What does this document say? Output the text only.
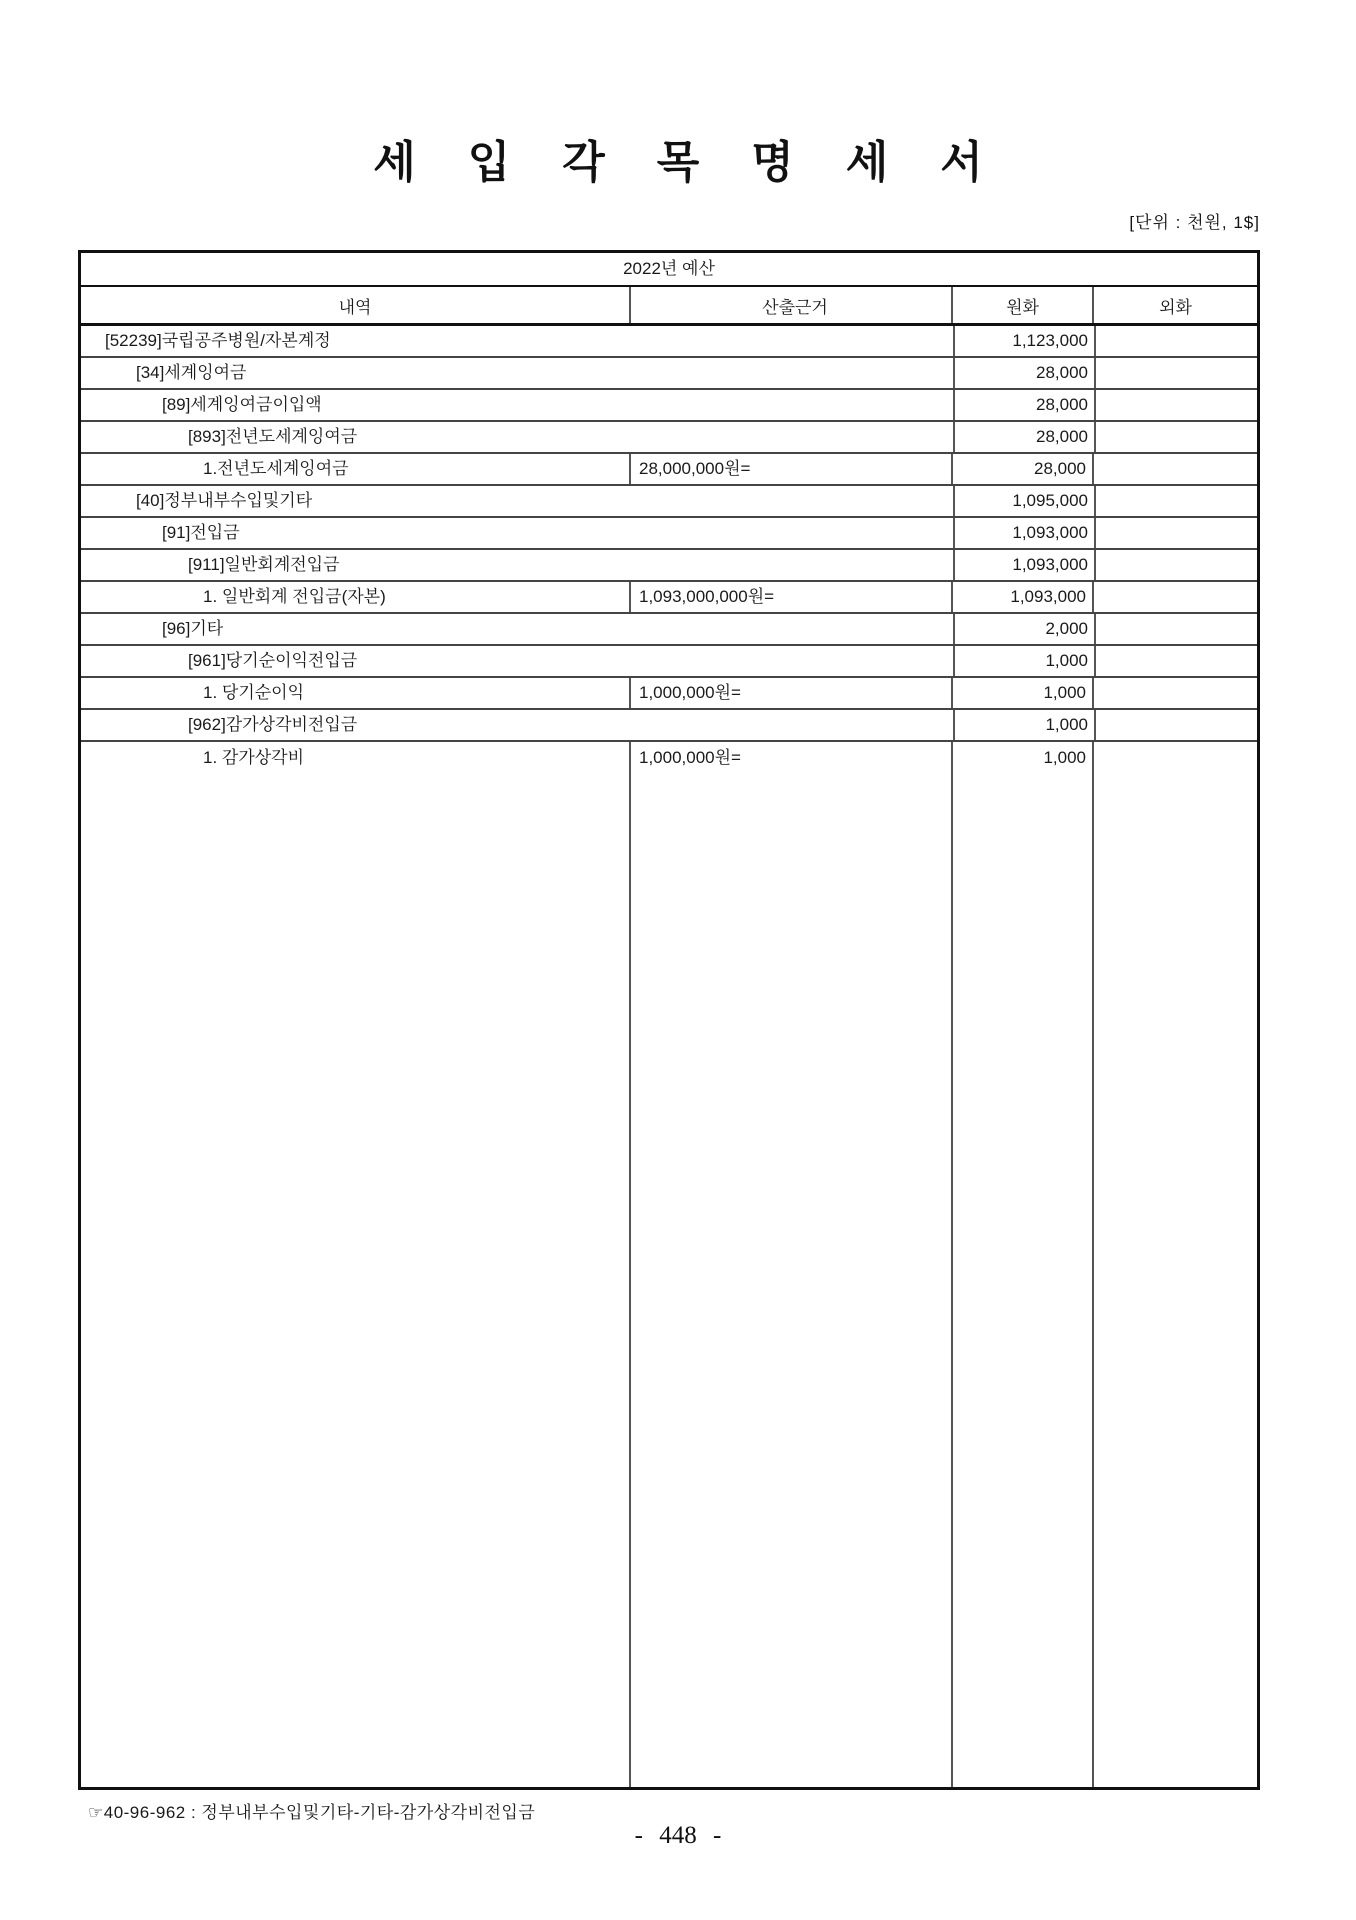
세입각목명세서
[단위 : 천원, 1$]
2022년 예산
내역	산출근거	원화	외화
[52239]국립공주병원/자본계정	1,123,000
[34]세계잉여금	28,000
[89]세계잉여금이입액	28,000
[893]전년도세계잉여금	28,000
1.전년도세계잉여금	28,000,000원=	28,000
[40]정부내부수입및기타	1,095,000
[91]전입금	1,093,000
[911]일반회계전입금	1,093,000
1. 일반회계 전입금(자본)	1,093,000,000원=	1,093,000
[96]기타	2,000
[961]당기순이익전입금	1,000
1. 당기순이익	1,000,000원=	1,000
[962]감가상각비전입금	1,000
1. 감가상각비	1,000,000원=	1,000
☞40-96-962 : 정부내부수입및기타-기타-감가상각비전입금
- 448 -
